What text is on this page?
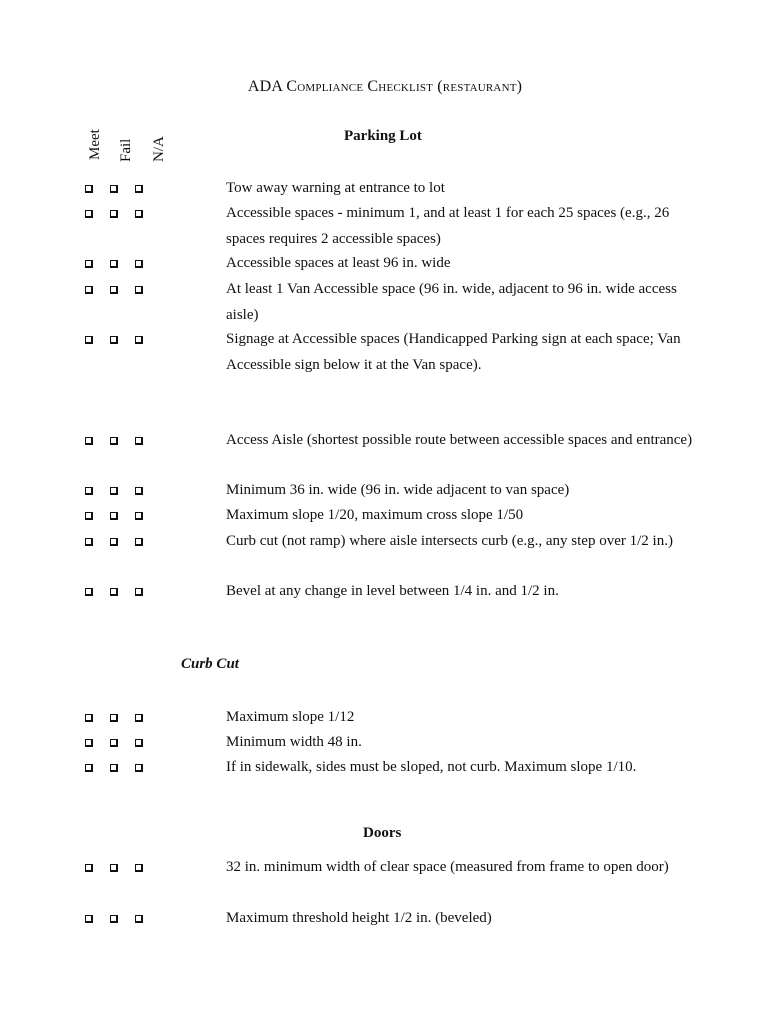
ADA Compliance Checklist (restaurant)
Meet Fail N/A
Parking Lot
Curb Cut
Doors
Tow away warning at entrance to lot
Accessible spaces - minimum 1, and at least 1 for each 25 spaces (e.g., 26 spaces requires 2 accessible spaces)
Accessible spaces at least 96 in. wide
At least 1 Van Accessible space (96 in. wide, adjacent to 96 in. wide access aisle)
Signage at Accessible spaces (Handicapped Parking sign at each space; Van Accessible sign below it at the Van space).
Access Aisle (shortest possible route between accessible spaces and entrance)
Minimum 36 in. wide (96 in. wide adjacent to van space)
Maximum slope 1/20, maximum cross slope 1/50
Curb cut (not ramp) where aisle intersects curb (e.g., any step over 1/2 in.)
Bevel at any change in level between 1/4 in. and 1/2 in.
Maximum slope 1/12
Minimum width 48 in.
If in sidewalk, sides must be sloped, not curb. Maximum slope 1/10.
32 in. minimum width of clear space (measured from frame to open door)
Maximum threshold height 1/2 in. (beveled)
